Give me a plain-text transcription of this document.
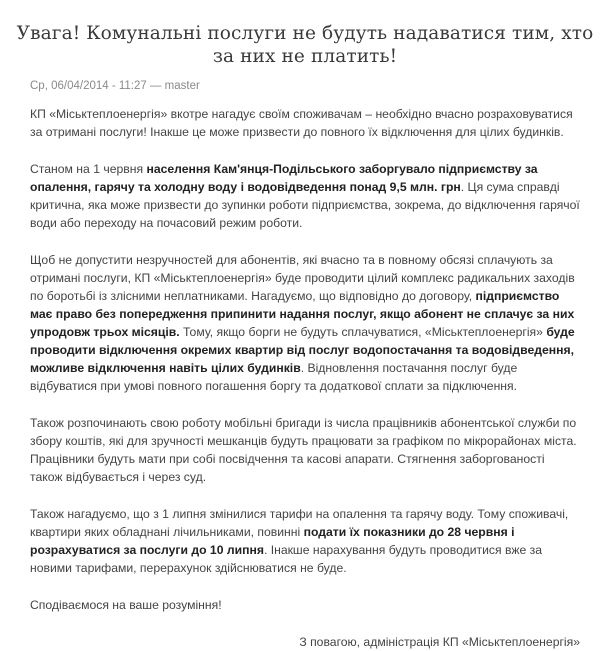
Увага! Комунальні послуги не будуть надаватися тим, хто за них не платить!
Ср, 06/04/2014 - 11:27 — master

КП «Міськтеплоенергія» вкотре нагадує своїм споживачам – необхідно вчасно розраховуватися за отримані послуги! Інакше це може призвести до повного їх відключення для цілих будинків.

Станом на 1 червня населення Кам'янця-Подільського заборгувало підприємству за опалення, гарячу та холодну воду і водовідведення понад 9,5 млн. грн. Ця сума справді критична, яка може призвести до зупинки роботи підприємства, зокрема, до відключення гарячої води або переходу на почасовий режим роботи.

Щоб не допустити незручностей для абонентів, які вчасно та в повному обсязі сплачують за отримані послуги, КП «Міськтеплоенергія» буде проводити цілий комплекс радикальних заходів по боротьбі із злісними неплатниками. Нагадуємо, що відповідно до договору, підприємство має право без попередження припинити надання послуг, якщо абонент не сплачує за них упродовж трьох місяців. Тому, якщо борги не будуть сплачуватися, «Міськтеплоенергія» буде проводити відключення окремих квартир від послуг водопостачання та водовідведення, можливе відключення навіть цілих будинків. Відновлення постачання послуг буде відбуватися при умові повного погашення боргу та додаткової сплати за підключення.

Також розпочинають свою роботу мобільні бригади із числа працівників абонентської служби по збору коштів, які для зручності мешканців будуть працювати за графіком по мікрорайонах міста. Працівники будуть мати при собі посвідчення та касові апарати. Стягнення заборгованості також відбувається і через суд.

Також нагадуємо, що з 1 липня змінилися тарифи на опалення та гарячу воду. Тому споживачі, квартири яких обладнані лічильниками, повинні подати їх показники до 28 червня і розрахуватися за послуги до 10 липня. Інакше нарахування будуть проводитися вже за новими тарифами, перерахунок здійснюватися не буде.

Сподіваємося на ваше розуміння!

З повагою, адміністрація КП «Міськтеплоенергія»
